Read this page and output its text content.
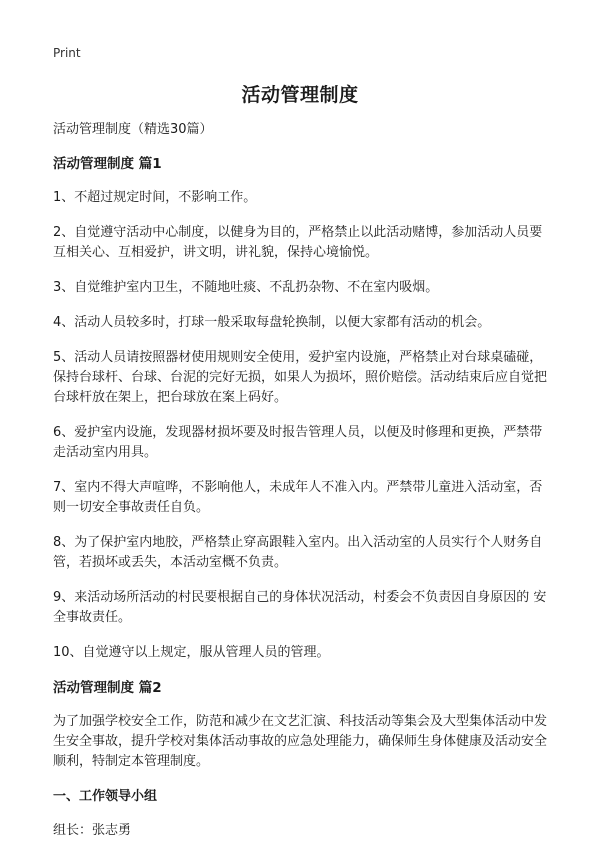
Print
活动管理制度

活动管理制度（精选30篇）

活动管理制度 篇1

1、不超过规定时间，不影响工作。

2、自觉遵守活动中心制度，以健身为目的，严格禁止以此活动赌博，参加活动人员要互相关心、互相爱护，讲文明，讲礼貌，保持心境愉悦。

3、自觉维护室内卫生，不随地吐痰、不乱扔杂物、不在室内吸烟。

4、活动人员较多时，打球一般采取每盘轮换制，以便大家都有活动的机会。

5、活动人员请按照器材使用规则安全使用，爱护室内设施，严格禁止对台球桌磕碰，保持台球杆、台球、台泥的完好无损，如果人为损坏，照价赔偿。活动结束后应自觉把台球杆放在架上，把台球放在案上码好。

6、爱护室内设施，发现器材损坏要及时报告管理人员，以便及时修理和更换，严禁带走活动室内用具。

7、室内不得大声喧哗，不影响他人，未成年人不准入内。严禁带儿童进入活动室，否则一切安全事故责任自负。

8、为了保护室内地胶，严格禁止穿高跟鞋入室内。出入活动室的人员实行个人财务自管，若损坏或丢失，本活动室概不负责。

9、来活动场所活动的村民要根据自己的身体状况活动，村委会不负责因自身原因的 安全事故责任。

10、自觉遵守以上规定，服从管理人员的管理。

活动管理制度 篇2

为了加强学校安全工作，防范和减少在文艺汇演、科技活动等集会及大型集体活动中发生安全事故，提升学校对集体活动事故的应急处理能力，确保师生身体健康及活动安全顺利，特制定本管理制度。

一、工作领导小组

组长：张志勇
